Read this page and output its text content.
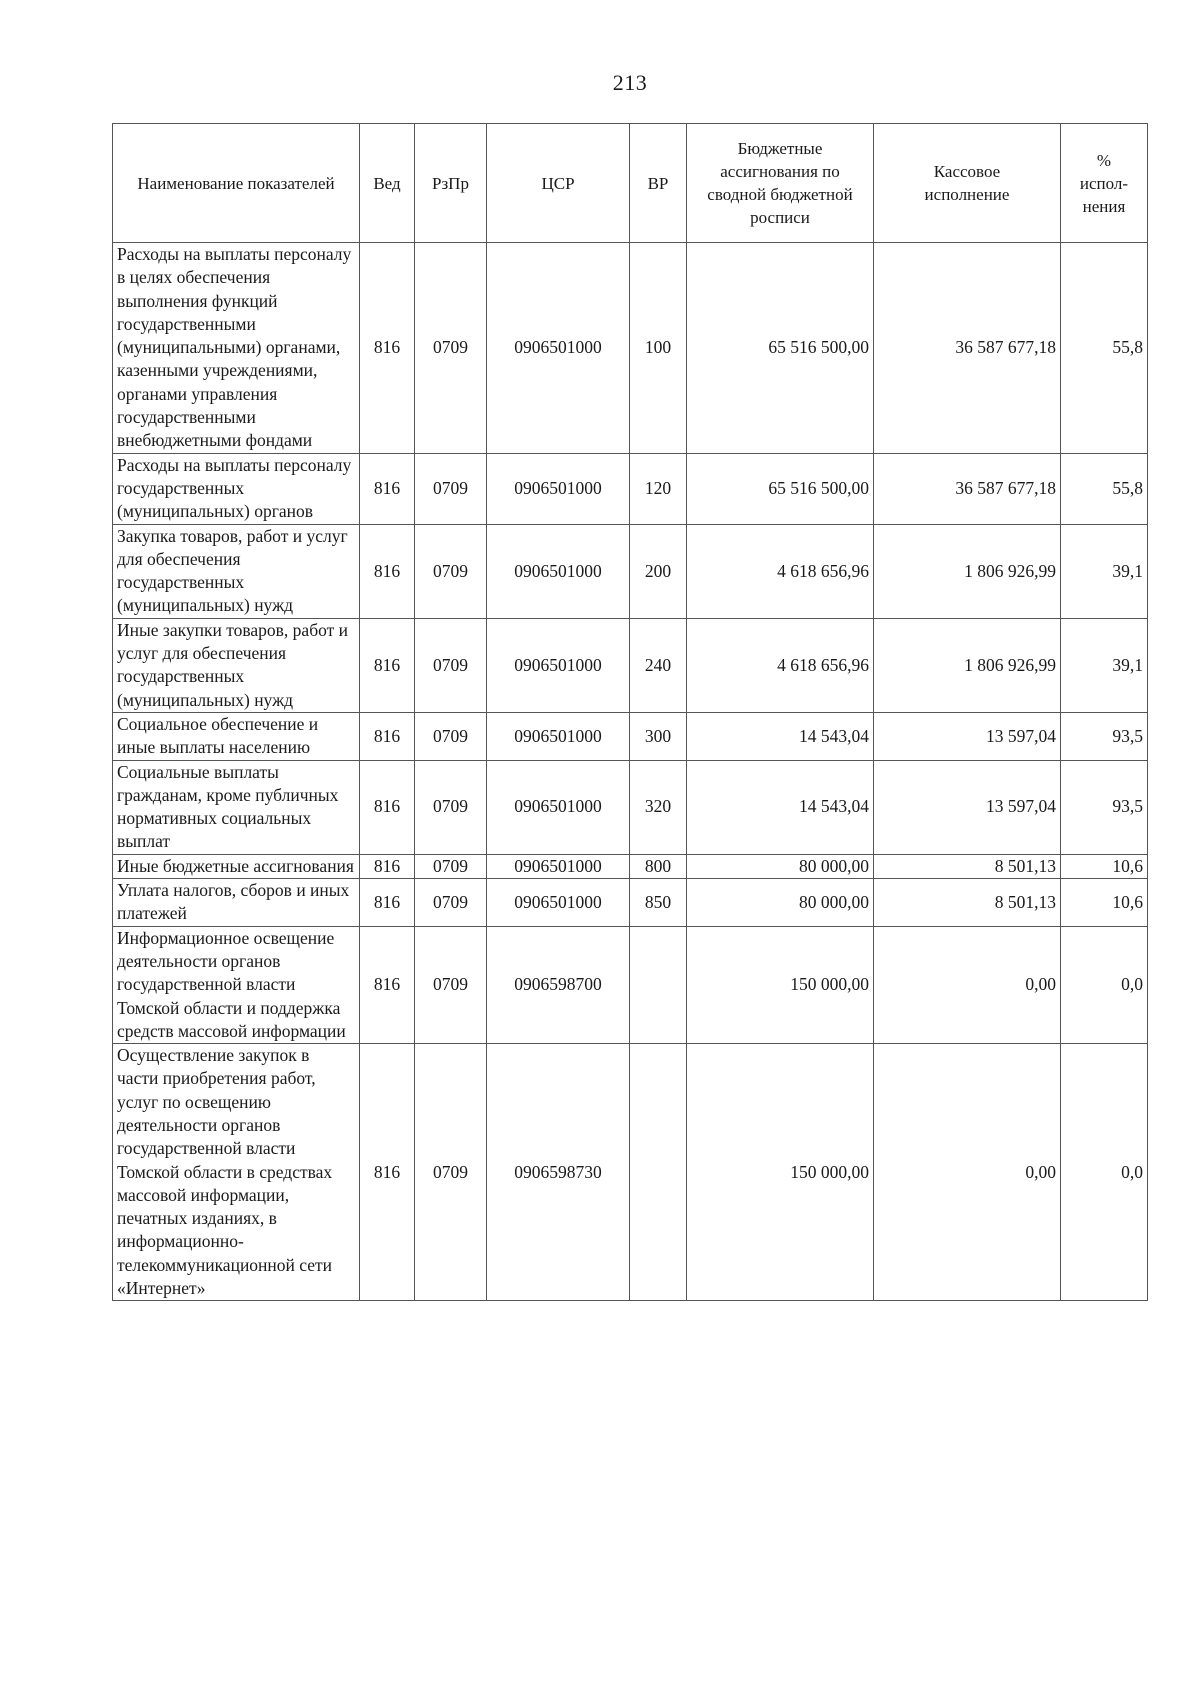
213
Наименование показателей	Вед	РзПр	ЦСР	ВР	Бюджетные ассигнования по сводной бюджетной росписи	Кассовое исполнение	% испол-нения
Расходы на выплаты персоналу в целях обеспечения выполнения функций государственными (муниципальными) органами, казенными учреждениями, органами управления государственными внебюджетными фондами	816	0709	0906501000	100	65 516 500,00	36 587 677,18	55,8
Расходы на выплаты персоналу государственных (муниципальных) органов	816	0709	0906501000	120	65 516 500,00	36 587 677,18	55,8
Закупка товаров, работ и услуг для обеспечения государственных (муниципальных) нужд	816	0709	0906501000	200	4 618 656,96	1 806 926,99	39,1
Иные закупки товаров, работ и услуг для обеспечения государственных (муниципальных) нужд	816	0709	0906501000	240	4 618 656,96	1 806 926,99	39,1
Социальное обеспечение и иные выплаты населению	816	0709	0906501000	300	14 543,04	13 597,04	93,5
Социальные выплаты гражданам, кроме публичных нормативных социальных выплат	816	0709	0906501000	320	14 543,04	13 597,04	93,5
Иные бюджетные ассигнования	816	0709	0906501000	800	80 000,00	8 501,13	10,6
Уплата налогов, сборов и иных платежей	816	0709	0906501000	850	80 000,00	8 501,13	10,6
Информационное освещение деятельности органов государственной власти Томской области и поддержка средств массовой информации	816	0709	0906598700		150 000,00	0,00	0,0
Осуществление закупок в части приобретения работ, услуг по освещению деятельности органов государственной власти Томской области в средствах массовой информации, печатных изданиях, в информационно-телекоммуникационной сети «Интернет»	816	0709	0906598730		150 000,00	0,00	0,0
